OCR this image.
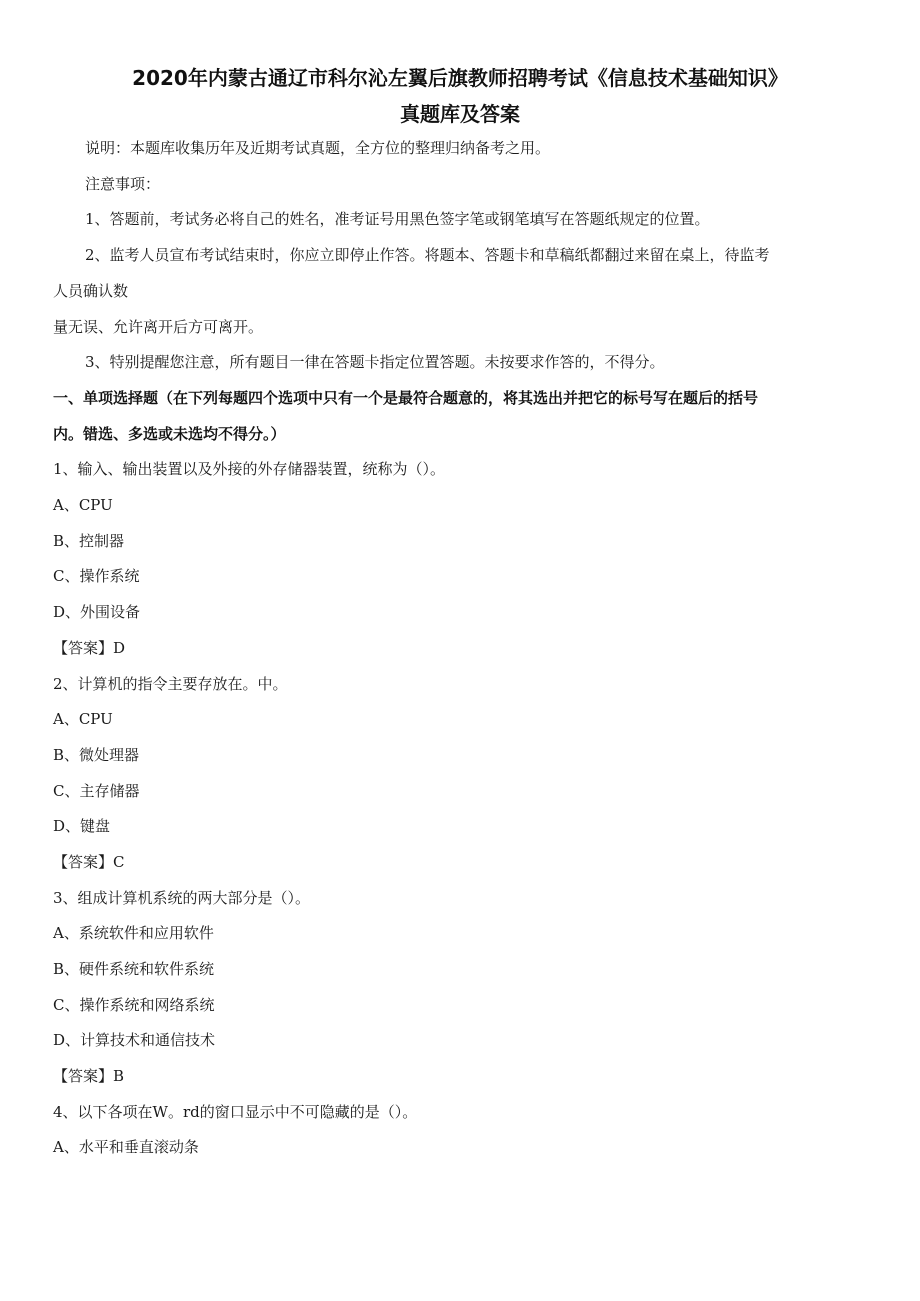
2020年内蒙古通辽市科尔沁左翼后旗教师招聘考试《信息技术基础知识》
真题库及答案
说明：本题库收集历年及近期考试真题，全方位的整理归纳备考之用。
注意事项：
1、答题前，考试务必将自己的姓名，准考证号用黑色签字笔或钢笔填写在答题纸规定的位置。
2、监考人员宣布考试结束时，你应立即停止作答。将题本、答题卡和草稿纸都翻过来留在桌上，待监考
人员确认数
量无误、允许离开后方可离开。
3、特别提醒您注意，所有题目一律在答题卡指定位置答题。未按要求作答的，不得分。
一、单项选择题（在下列每题四个选项中只有一个是最符合题意的，将其选出并把它的标号写在题后的括号
内。错选、多选或未选均不得分。）
1、输入、输出装置以及外接的外存储器装置，统称为（）。
A、CPU
B、控制器
C、操作系统
D、外围设备
【答案】D
2、计算机的指令主要存放在。中。
A、CPU
B、微处理器
C、主存储器
D、键盘
【答案】C
3、组成计算机系统的两大部分是（）。
A、系统软件和应用软件
B、硬件系统和软件系统
C、操作系统和网络系统
D、计算技术和通信技术
【答案】B
4、以下各项在W。rd的窗口显示中不可隐藏的是（）。
A、水平和垂直滚动条
